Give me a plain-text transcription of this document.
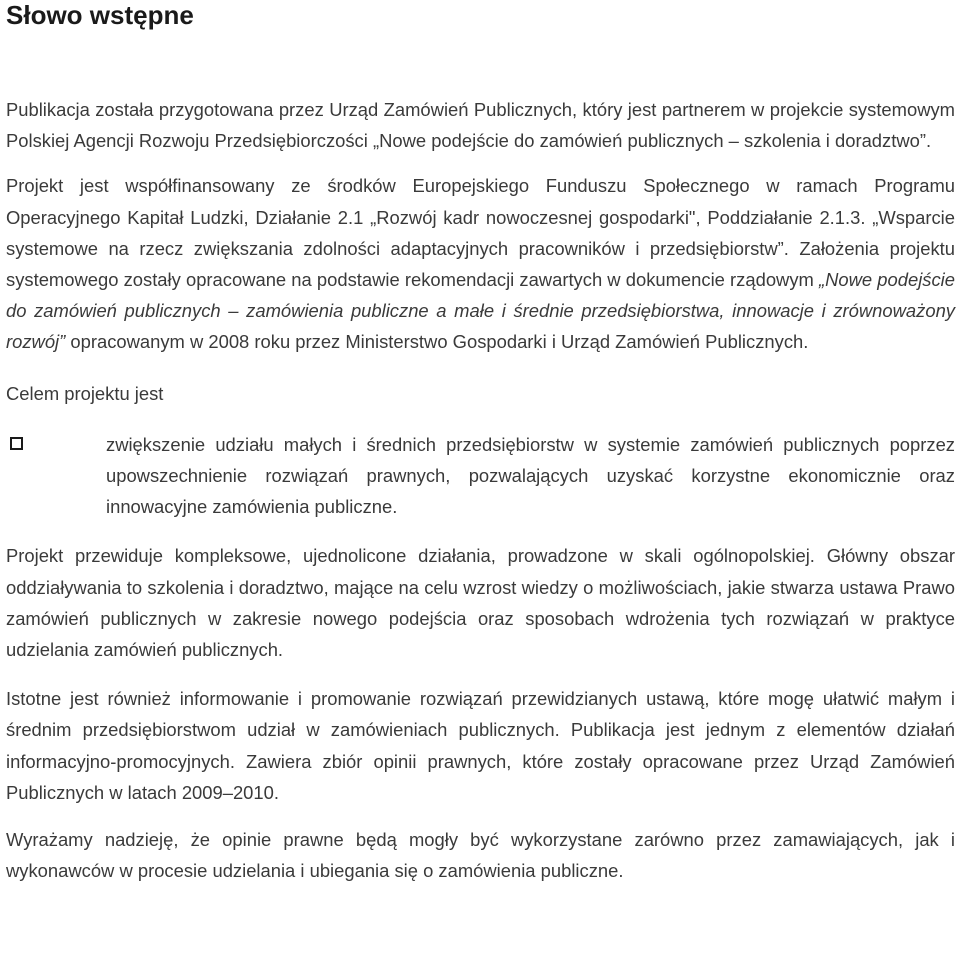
Słowo wstępne

Publikacja została przygotowana przez Urząd Zamówień Publicznych, który jest partnerem w projekcie systemowym Polskiej Agencji Rozwoju Przedsiębiorczości „Nowe podejście do zamówień publicznych – szkolenia i doradztwo”.

Projekt jest współfinansowany ze środków Europejskiego Funduszu Społecznego w ramach Programu Operacyjnego Kapitał Ludzki, Działanie 2.1 „Rozwój kadr nowoczesnej gospodarki", Poddziałanie 2.1.3. „Wsparcie systemowe na rzecz zwiększania zdolności adaptacyjnych pracowników i przedsiębiorstw”. Założenia projektu systemowego zostały opracowane na podstawie rekomendacji zawartych w dokumencie rządowym „Nowe podejście do zamówień publicznych – zamówienia publiczne a małe i średnie przedsiębiorstwa, innowacje i zrównoważony rozwój” opracowanym w 2008 roku przez Ministerstwo Gospodarki i Urząd Zamówień Publicznych.

Celem projektu jest

zwiększenie udziału małych i średnich przedsiębiorstw w systemie zamówień publicznych poprzez upowszechnienie rozwiązań prawnych, pozwalających uzyskać korzystne ekonomicznie oraz innowacyjne zamówienia publiczne.

Projekt przewiduje kompleksowe, ujednolicone działania, prowadzone w skali ogólnopolskiej. Główny obszar oddziaływania to szkolenia i doradztwo, mające na celu wzrost wiedzy o możliwościach, jakie stwarza ustawa Prawo zamówień publicznych w zakresie nowego podejścia oraz sposobach wdrożenia tych rozwiązań w praktyce udzielania zamówień publicznych.

Istotne jest również informowanie i promowanie rozwiązań przewidzianych ustawą, które mogę ułatwić małym i średnim przedsiębiorstwom udział w zamówieniach publicznych. Publikacja jest jednym z elementów działań informacyjno-promocyjnych. Zawiera zbiór opinii prawnych, które zostały opracowane przez Urząd Zamówień Publicznych w latach 2009–2010.

Wyrażamy nadzieję, że opinie prawne będą mogły być wykorzystane zarówno przez zamawiających, jak i wykonawców w procesie udzielania i ubiegania się o zamówienia publiczne.
